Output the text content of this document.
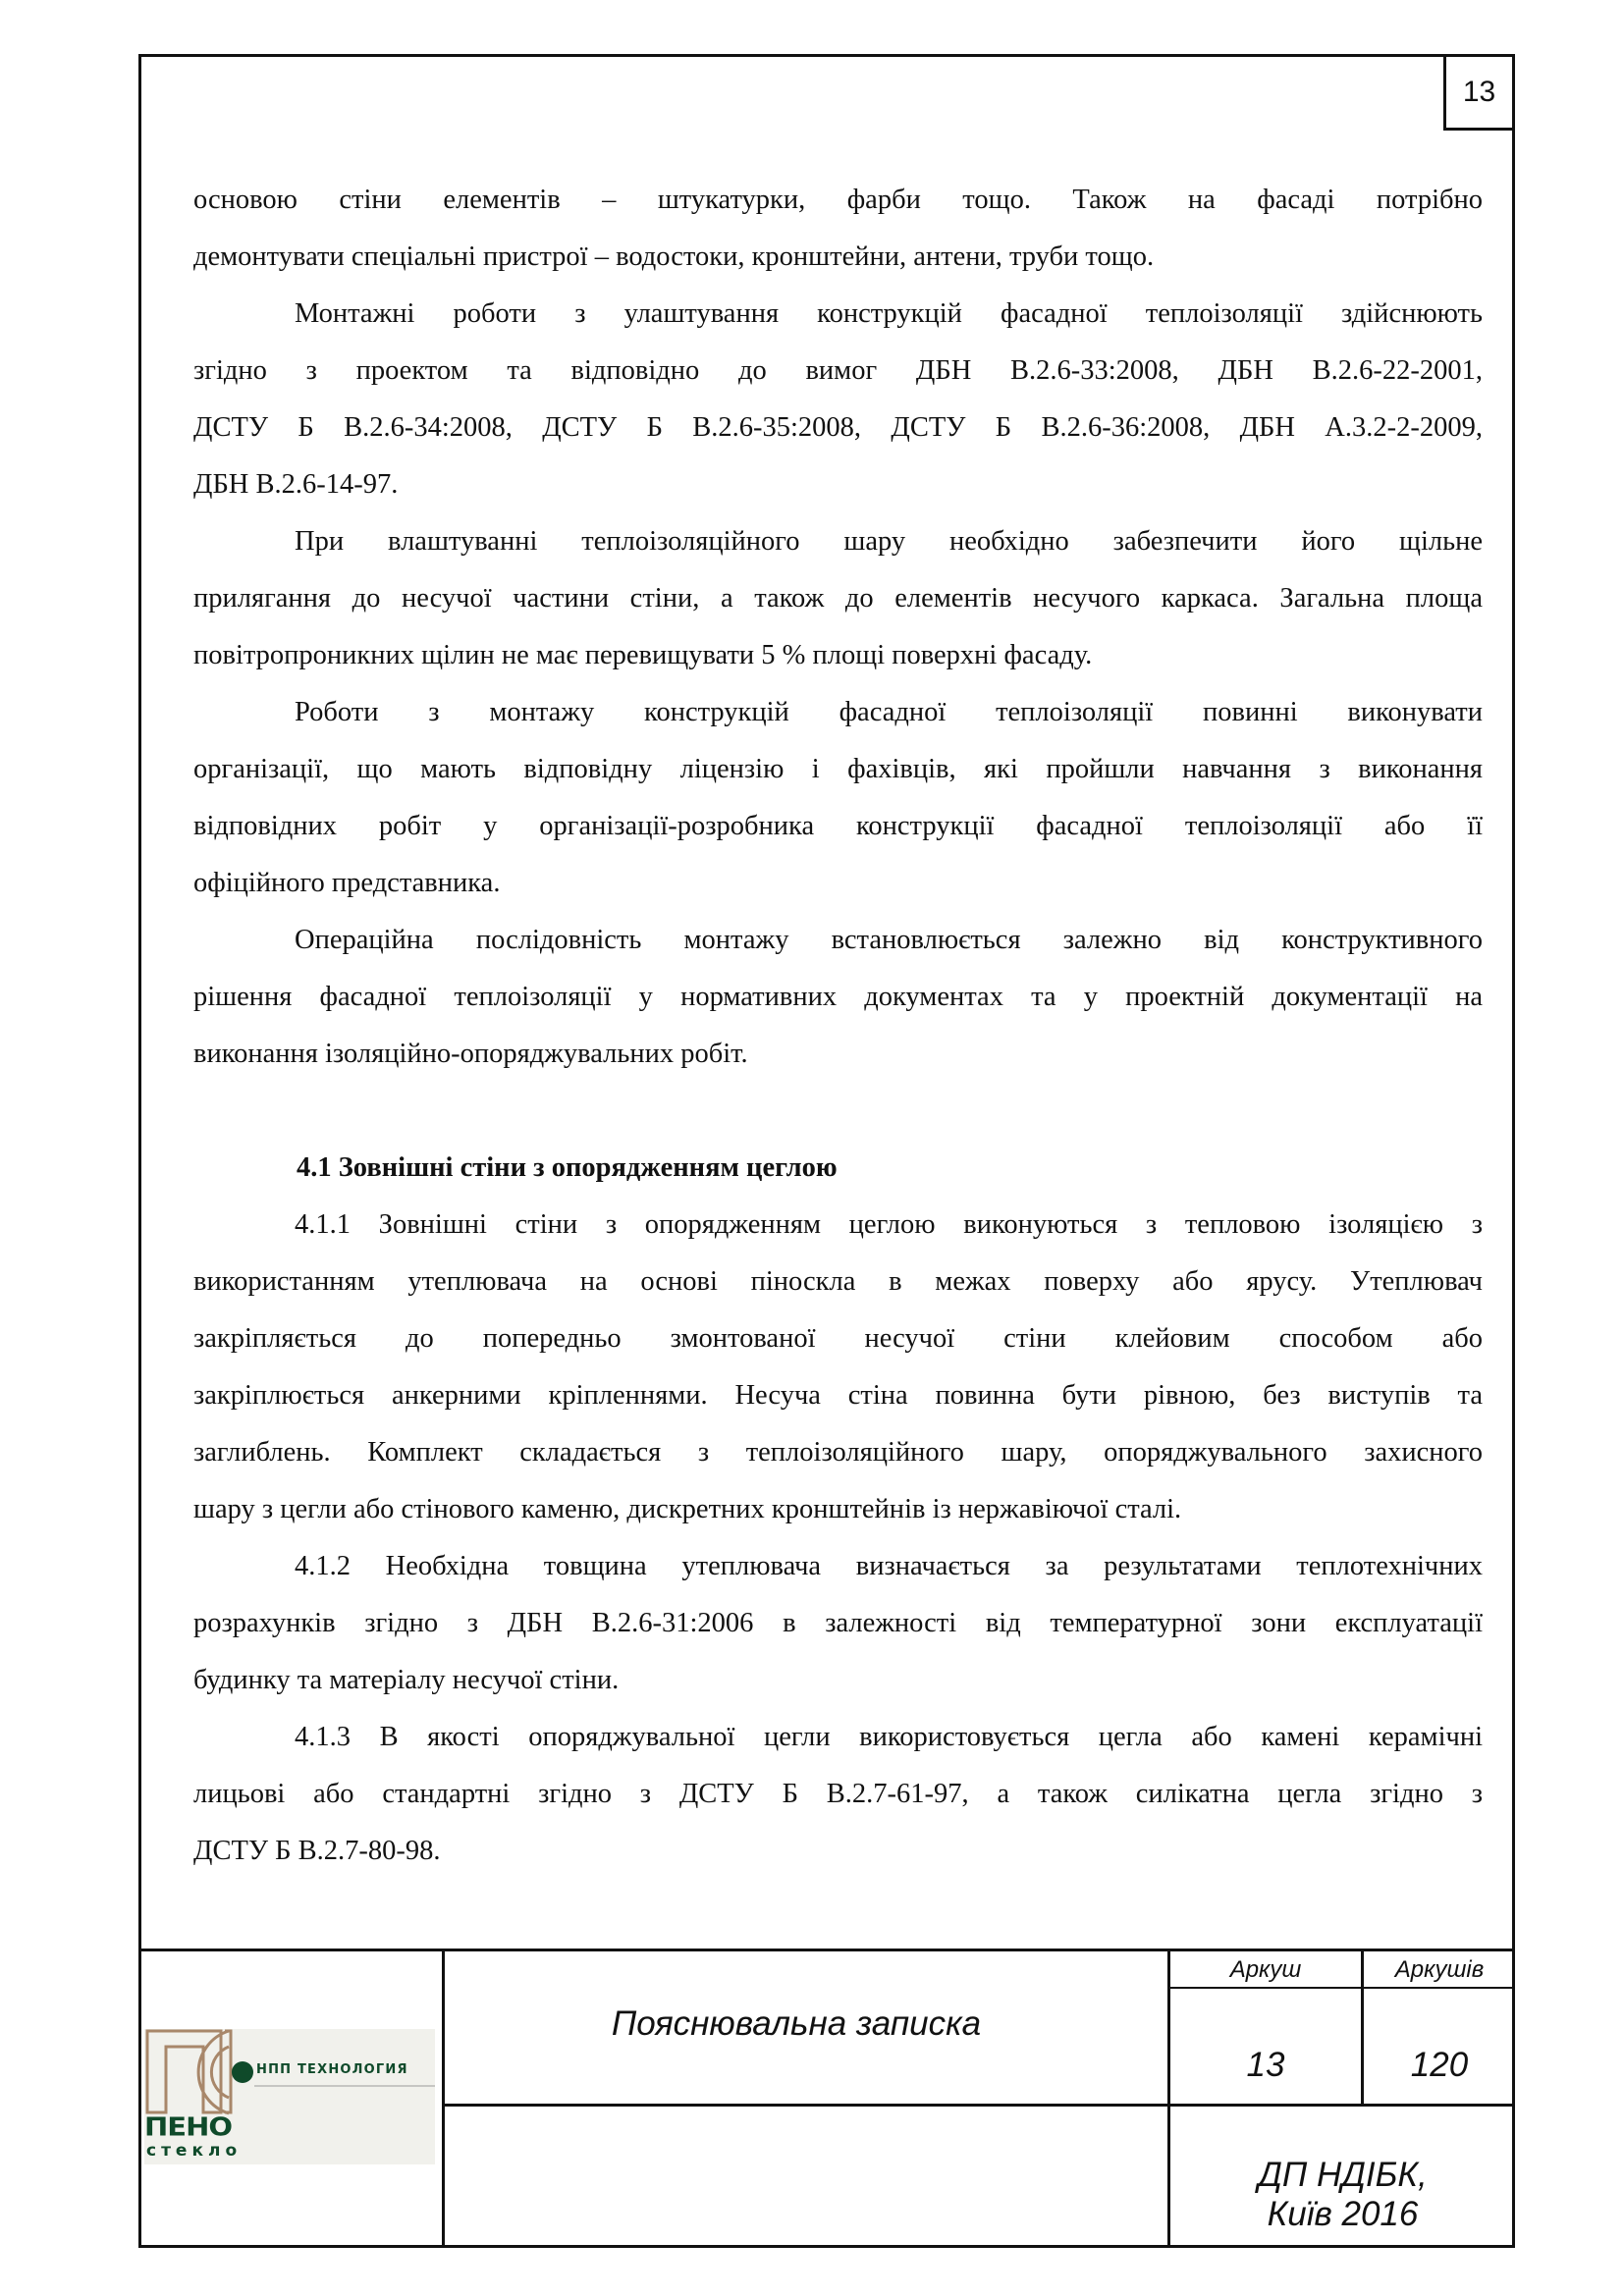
13
основою стіни елементів – штукатурки, фарби тощо. Також на фасаді потрібно
демонтувати спеціальні пристрої – водостоки, кронштейни, антени, труби тощо.
Монтажні роботи з улаштування конструкцій фасадної теплоізоляції здійснюють
згідно з проектом та відповідно до вимог ДБН В.2.6-33:2008, ДБН В.2.6-22-2001,
ДСТУ Б В.2.6-34:2008, ДСТУ Б В.2.6-35:2008, ДСТУ Б В.2.6-36:2008, ДБН А.3.2-2-2009,
ДБН В.2.6-14-97.
При влаштуванні теплоізоляційного шару необхідно забезпечити його щільне
прилягання до несучої частини стіни, а також до елементів несучого каркаса. Загальна площа
повітропроникних щілин не має перевищувати 5 % площі поверхні фасаду.
Роботи з монтажу конструкцій фасадної теплоізоляції повинні виконувати
організації, що мають відповідну ліцензію і фахівців, які пройшли навчання з виконання
відповідних робіт у організації-розробника конструкції фасадної теплоізоляції або її
офіційного представника.
Операційна послідовність монтажу встановлюється залежно від конструктивного
рішення фасадної теплоізоляції у нормативних документах та у проектній документації на
виконання ізоляційно-опоряджувальних робіт.
4.1 Зовнішні стіни з опорядженням цеглою
4.1.1 Зовнішні стіни з опорядженням цеглою виконуються з тепловою ізоляцією з
використанням утеплювача на основі піноскла в межах поверху або ярусу. Утеплювач
закріпляється до попередньо змонтованої несучої стіни клейовим способом або
закріплюється анкерними кріпленнями. Несуча стіна повинна бути рівною, без виступів та
заглиблень. Комплект складається з теплоізоляційного шару, опоряджувального захисного
шару з цегли або стінового каменю, дискретних кронштейнів із нержавіючої сталі.
4.1.2 Необхідна товщина утеплювача визначається за результатами теплотехнічних
розрахунків згідно з ДБН В.2.6-31:2006 в залежності від температурної зони експлуатації
будинку та матеріалу несучої стіни.
4.1.3 В якості опоряджувальної цегли використовується цегла або камені керамічні
лицьові або стандартні згідно з ДСТУ Б В.2.7-61-97, а також силікатна цегла згідно з
ДСТУ Б В.2.7-80-98.
НПП ТЕХНОЛОГИЯ
ПЕНО
стекло
Пояснювальна записка
Аркуш	Аркушів
13	120
ДП НДІБК,
Київ 2016
